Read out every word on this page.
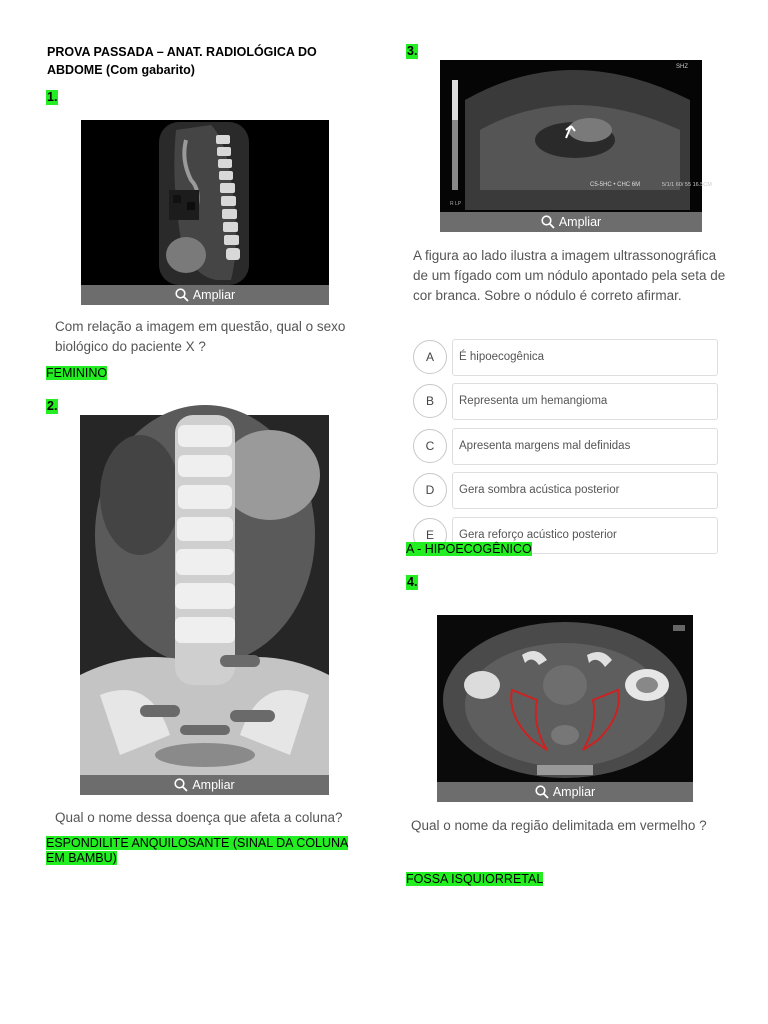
PROVA PASSADA – ANAT. RADIOLÓGICA DO ABDOME (Com gabarito)
1.
Ampliar
Com relação a imagem em questão, qual o sexo biológico do paciente X ?
FEMININO
2.
Ampliar
Qual o nome dessa doença que afeta a coluna?
ESPONDILITE ANQUILOSANTE (SINAL DA COLUNA EM BAMBU)
3.
SHZ
C5-5HC • CHC 6M	5/1/1 60/ 55 16.5CM
R LP
Ampliar
A figura ao lado ilustra a imagem ultrassonográfica de um fígado com um nódulo apontado pela seta de cor branca. Sobre o nódulo é correto afirmar.
A	É hipoecogênica
B	Representa um hemangioma
C	Apresenta margens mal definidas
D	Gera sombra acústica posterior
E	Gera reforço acústico posterior
A - HIPOECOGÊNICO
4.
Ampliar
Qual o nome da região delimitada em vermelho ?
FOSSA ISQUIORRETAL
